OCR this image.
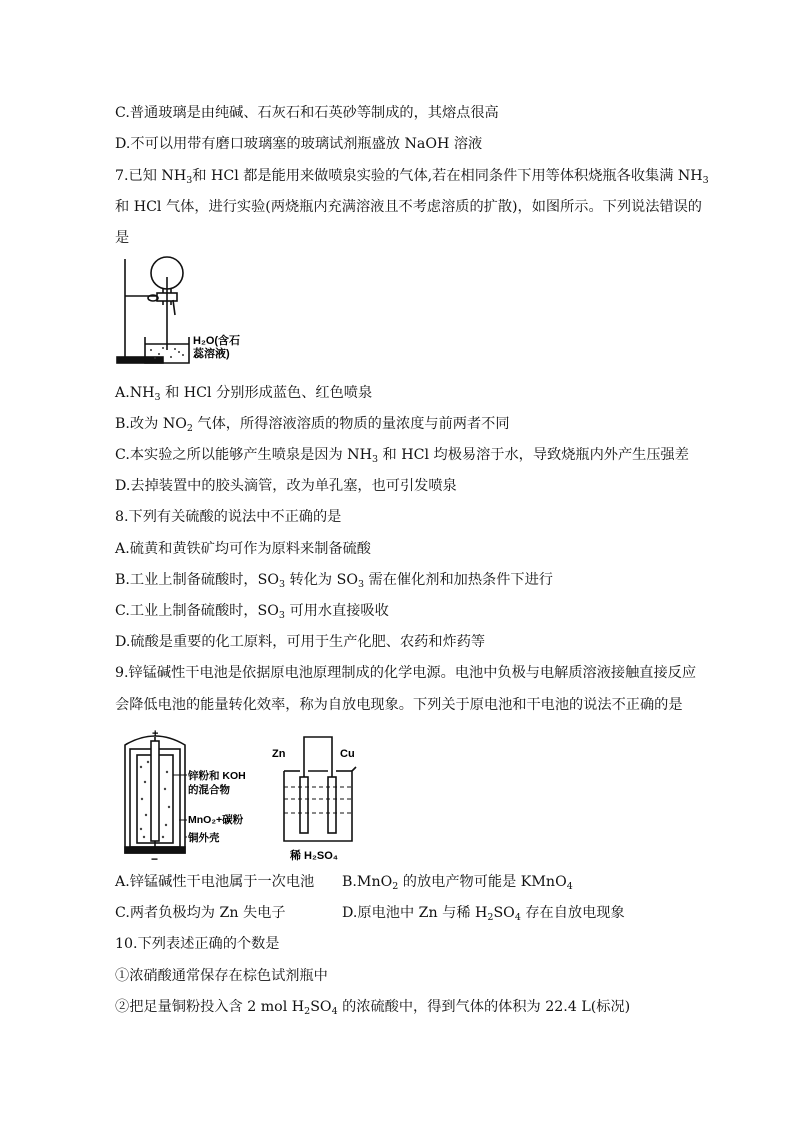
C.普通玻璃是由纯碱、石灰石和石英砂等制成的，其熔点很高
D.不可以用带有磨口玻璃塞的玻璃试剂瓶盛放 NaOH 溶液
7.已知 $NH_3$和 HCl 都是能用来做喷泉实验的气体,若在相同条件下用等体积烧瓶各收集满 $NH_3$
和 HCl 气体，进行实验(两烧瓶内充满溶液且不考虑溶质的扩散)，如图所示。下列说法错误的
是
H₂O(含石
蕊溶液)
$A.NH_3$ 和 HCl 分别形成蓝色、红色喷泉
B.改为 $NO_2$ 气体，所得溶液溶质的物质的量浓度与前两者不同
C.本实验之所以能够产生喷泉是因为 $NH_3$ 和 HCl 均极易溶于水，导致烧瓶内外产生压强差
D.去掉装置中的胶头滴管，改为单孔塞，也可引发喷泉
8.下列有关硫酸的说法中不正确的是
A.硫黄和黄铁矿均可作为原料来制备硫酸
B.工业上制备硫酸时，$SO_3$ 转化为 $SO_3$ 需在催化剂和加热条件下进行
C.工业上制备硫酸时，$SO_3$ 可用水直接吸收
D.硫酸是重要的化工原料，可用于生产化肥、农药和炸药等
9.锌锰碱性干电池是依据原电池原理制成的化学电源。电池中负极与电解质溶液接触直接反应
会降低电池的能量转化效率，称为自放电现象。下列关于原电池和干电池的说法不正确的是
+
−
锌粉和 KOH
的混合物
MnO₂+碳粉
铜外壳
Zn	Cu
稀 H₂SO₄
A.锌锰碱性干电池属于一次电池 B.MnO$_2$ 的放电产物可能是 KMnO$_4$
C.两者负极均为 Zn 失电子	D.原电池中 Zn 与稀 $H_2SO_4$ 存在自放电现象
10.下列表述正确的个数是
①浓硝酸通常保存在棕色试剂瓶中
②把足量铜粉投入含 2 mol $H_2SO_4$ 的浓硫酸中，得到气体的体积为 22.4 L(标况)
